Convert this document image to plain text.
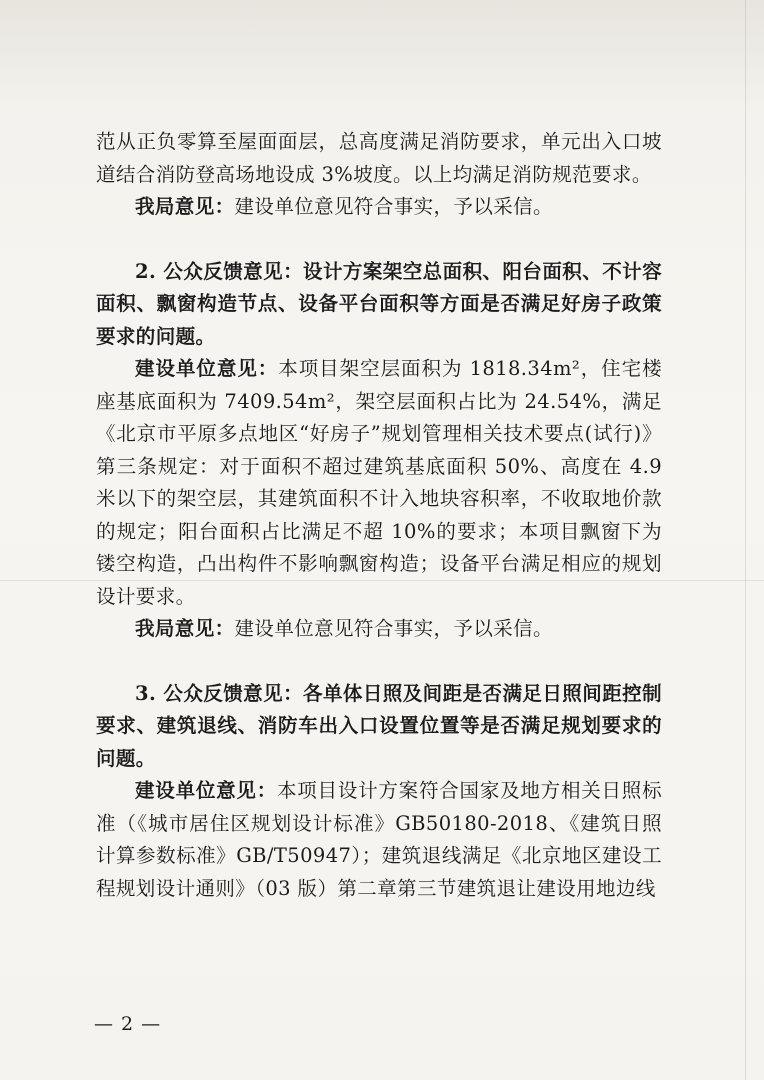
范从正负零算至屋面面层，总高度满足消防要求，单元出入口坡道结合消防登高场地设成 3%坡度。以上均满足消防规范要求。

我局意见：建设单位意见符合事实，予以采信。

2. 公众反馈意见：设计方案架空总面积、阳台面积、不计容面积、飘窗构造节点、设备平台面积等方面是否满足好房子政策要求的问题。

建设单位意见：本项目架空层面积为 1818.34m²，住宅楼座基底面积为 7409.54m²，架空层面积占比为 24.54%，满足《北京市平原多点地区“好房子”规划管理相关技术要点(试行)》第三条规定：对于面积不超过建筑基底面积 50%、高度在 4.9 米以下的架空层，其建筑面积不计入地块容积率，不收取地价款的规定；阳台面积占比满足不超 10%的要求；本项目飘窗下为镂空构造，凸出构件不影响飘窗构造；设备平台满足相应的规划设计要求。

我局意见：建设单位意见符合事实，予以采信。

3. 公众反馈意见：各单体日照及间距是否满足日照间距控制要求、建筑退线、消防车出入口设置位置等是否满足规划要求的问题。

建设单位意见：本项目设计方案符合国家及地方相关日照标准（《城市居住区规划设计标准》GB50180-2018、《建筑日照计算参数标准》GB/T50947）；建筑退线满足《北京地区建设工程规划设计通则》（03 版）第二章第三节建筑退让建设用地边线

— 2 —
